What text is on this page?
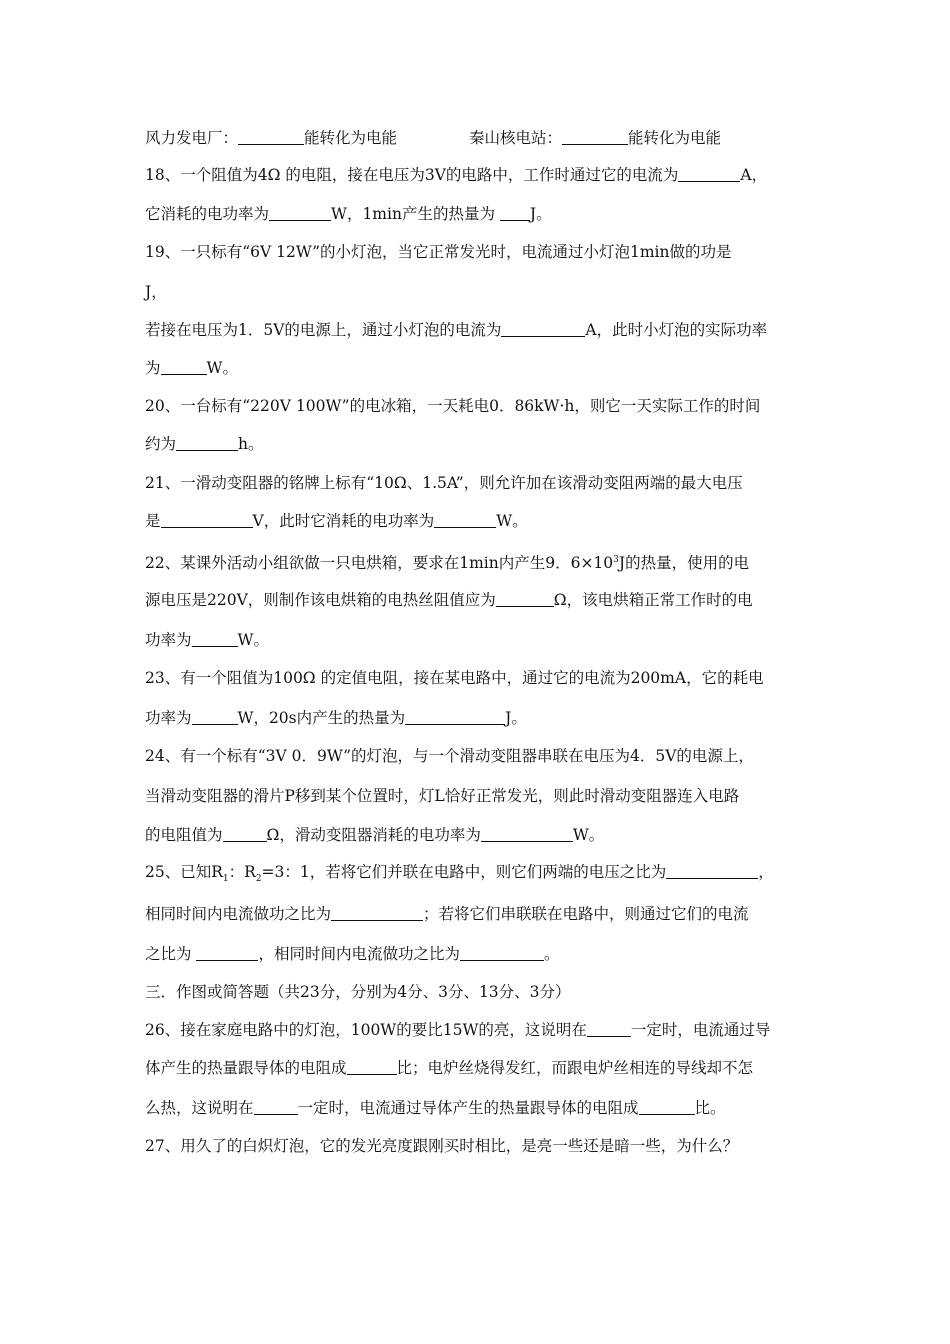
风力发电厂：	能转化为电能	秦山核电站：	能转化为电能
18、一个阻值为4Ω 的电阻，接在电压为3V的电路中，工作时通过它的电流为	A，
它消耗的电功率为	W，1min产生的热量为 J。
19、一只标有“6V 12W”的小灯泡，当它正常发光时，电流通过小灯泡1min做的功是
J，
若接在电压为1．5V的电源上，通过小灯泡的电流为	A，此时小灯泡的实际功率
为	W。
20、一台标有“220V 100W”的电冰箱，一天耗电0．86kW·h，则它一天实际工作的时间
约为	h。
21、一滑动变阻器的铭牌上标有“10Ω、1.5A”，则允许加在该滑动变阻两端的最大电压
是	V，此时它消耗的电功率为	W。
22、某课外活动小组欲做一只电烘箱，要求在1min内产生9．$6\times 10^3J$的热量，使用的电
源电压是220V，则制作该电烘箱的电热丝阻值应为	Ω，该电烘箱正常工作时的电
功率为	W。
23、有一个阻值为100Ω 的定值电阻，接在某电路中，通过它的电流为200mA，它的耗电
功率为	W，20s内产生的热量为	J。
24、有一个标有“3V 0．9W”的灯泡，与一个滑动变阻器串联在电压为4．5V的电源上，
当滑动变阻器的滑片P移到某个位置时，灯L恰好正常发光，则此时滑动变阻器连入电路
的电阻值为	Ω，滑动变阻器消耗的电功率为	W。
25、已知$R_1$：$R_2=3$：1，若将它们并联在电路中，则它们两端的电压之比为	，
相同时间内电流做功之比为	；若将它们串联联在电路中，则通过它们的电流
之比为	，相同时间内电流做功之比为	。
三．作图或简答题（共23分，分别为4分、3分、13分、3分）
26、接在家庭电路中的灯泡，100W的要比15W的亮，这说明在	一定时，电流通过导
体产生的热量跟导体的电阻成	比；电炉丝烧得发红，而跟电炉丝相连的导线却不怎
么热，这说明在	一定时，电流通过导体产生的热量跟导体的电阻成	比。
27、用久了的白炽灯泡，它的发光亮度跟刚买时相比，是亮一些还是暗一些，为什么？
